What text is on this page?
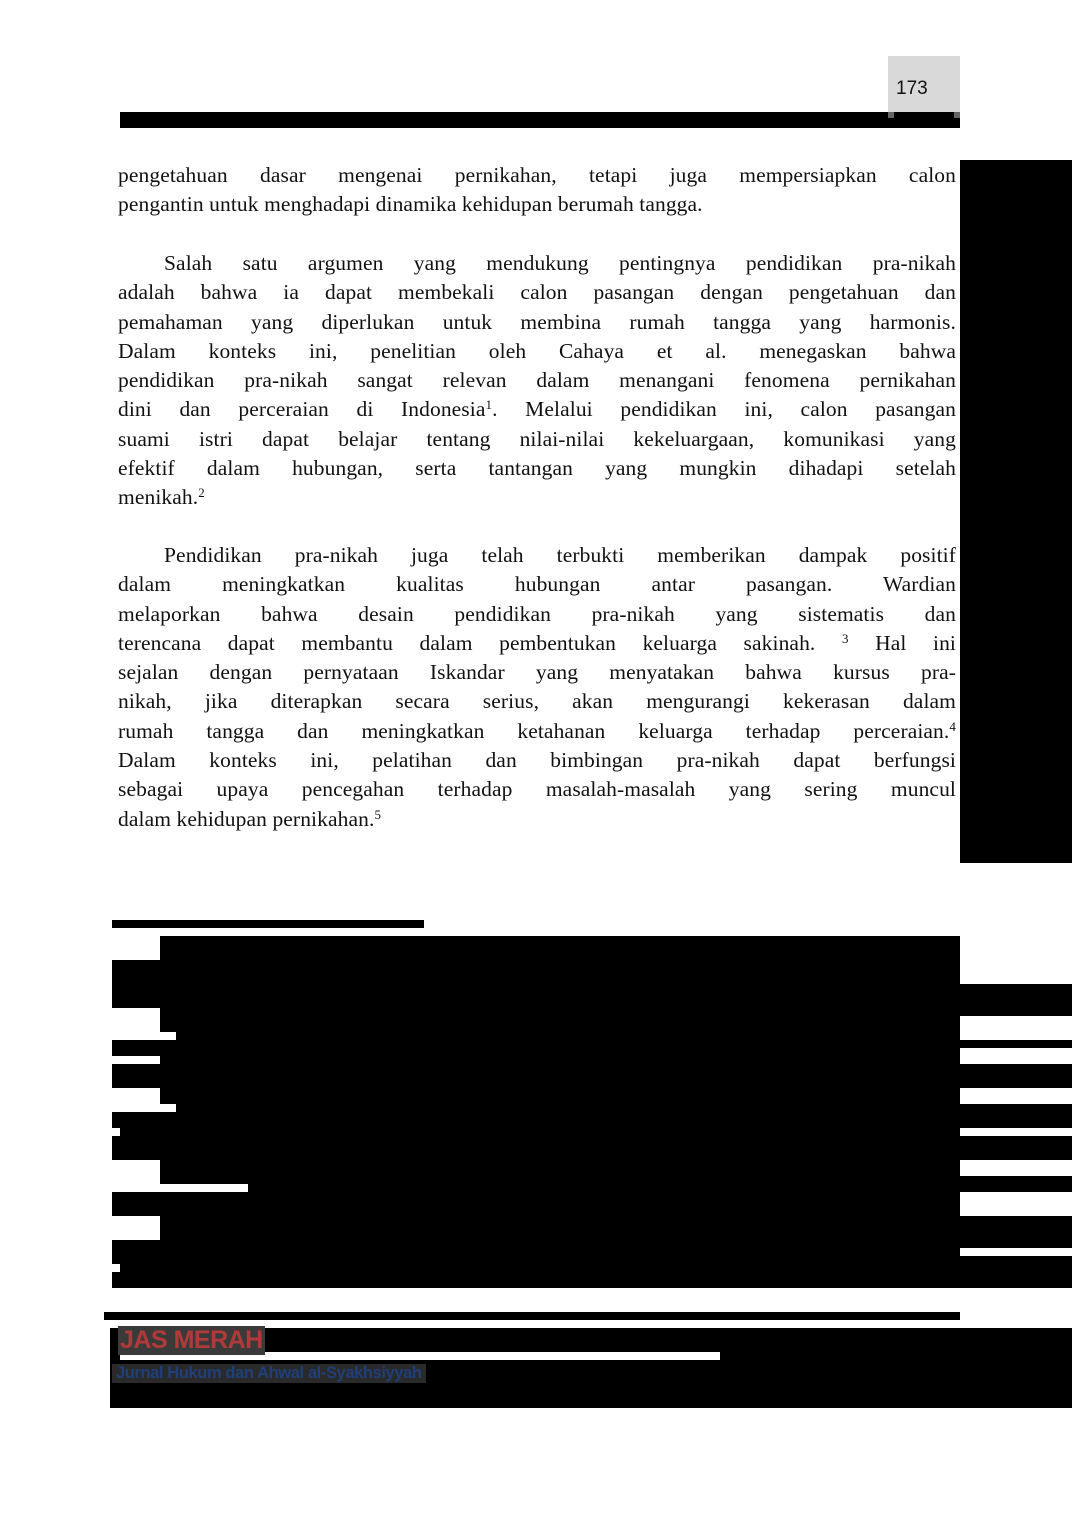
173
pengetahuan dasar mengenai pernikahan, tetapi juga mempersiapkan calon
pengantin untuk menghadapi dinamika kehidupan berumah tangga.
Salah satu argumen yang mendukung pentingnya pendidikan pra-nikah
adalah bahwa ia dapat membekali calon pasangan dengan pengetahuan dan
pemahaman yang diperlukan untuk membina rumah tangga yang harmonis.
Dalam konteks ini, penelitian oleh Cahaya et al. menegaskan bahwa
pendidikan pra-nikah sangat relevan dalam menangani fenomena pernikahan
dini dan perceraian di Indonesia$^1$. Melalui pendidikan ini, calon pasangan
suami istri dapat belajar tentang nilai-nilai kekeluargaan, komunikasi yang
efektif dalam hubungan, serta tantangan yang mungkin dihadapi setelah
menikah.$^2$
Pendidikan pra-nikah juga telah terbukti memberikan dampak positif
dalam meningkatkan kualitas hubungan antar pasangan. Wardian
melaporkan bahwa desain pendidikan pra-nikah yang sistematis dan
terencana dapat membantu dalam pembentukan keluarga sakinah. $^3$ Hal ini
sejalan dengan pernyataan Iskandar yang menyatakan bahwa kursus pra-
nikah, jika diterapkan secara serius, akan mengurangi kekerasan dalam
rumah tangga dan meningkatkan ketahanan keluarga terhadap perceraian.$^4$
Dalam konteks ini, pelatihan dan bimbingan pra-nikah dapat berfungsi
sebagai upaya pencegahan terhadap masalah-masalah yang sering muncul
dalam kehidupan pernikahan.$^5$
JAS MERAH
Jurnal Hukum dan Ahwal al-Syakhsiyyah
